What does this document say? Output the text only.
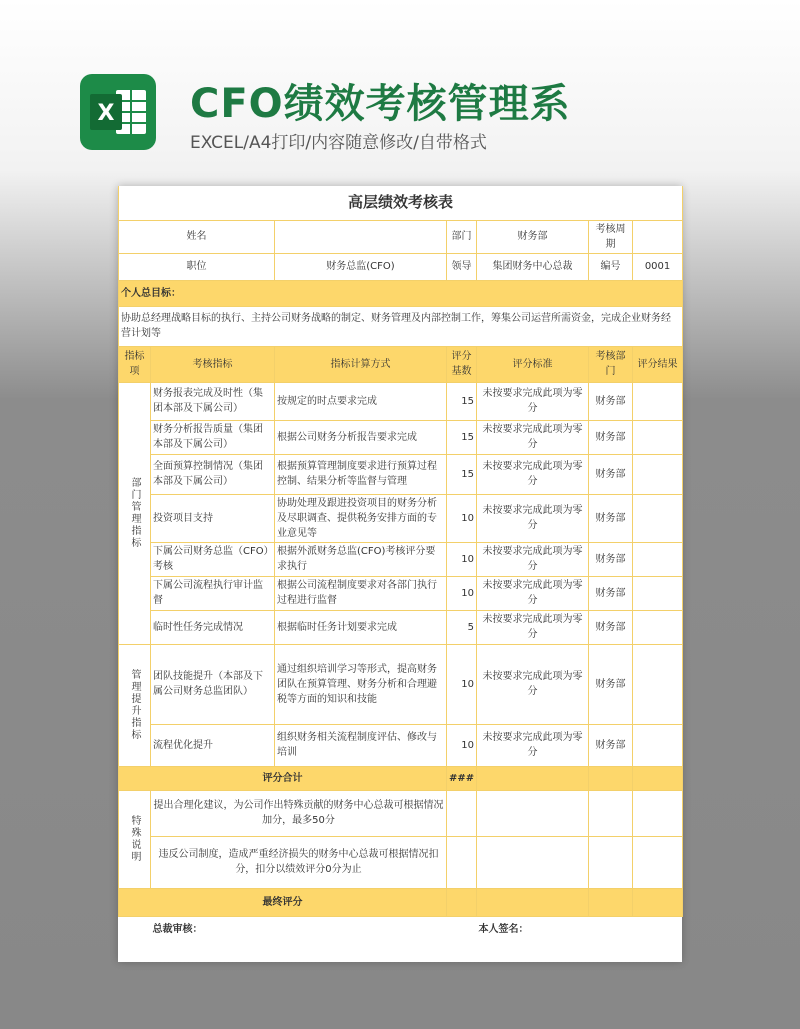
X CFO绩效考核管理系
EXCEL/A4打印/内容随意修改/自带格式
高层绩效考核表						
姓名			部门	财务部	考核周期	
职位		财务总监(CFO)	领导	集团财务中心总裁	编号	0001
个人总目标：						
协助总经理战略目标的执行、主持公司财务战略的制定、财务管理及内部控制工作，筹集公司运营所需资金，完成企业财务经营计划等						
指标项	考核指标	指标计算方式	评分基数	评分标准	考核部门	评分结果
部门管理指标	财务报表完成及时性（集团本部及下属公司）	按规定的时点要求完成	15	未按要求完成此项为零分	财务部	
	财务分析报告质量（集团本部及下属公司）	根据公司财务分析报告要求完成	15	未按要求完成此项为零分	财务部	
	全面预算控制情况（集团本部及下属公司）	根据预算管理制度要求进行预算过程控制、结果分析等监督与管理	15	未按要求完成此项为零分	财务部	
	投资项目支持	协助处理及跟进投资项目的财务分析及尽职调查、提供税务安排方面的专业意见等	10	未按要求完成此项为零分	财务部	
	下属公司财务总监（CFO）考核	根据外派财务总监(CFO)考核评分要求执行	10	未按要求完成此项为零分	财务部	
	下属公司流程执行审计监督	根据公司流程制度要求对各部门执行过程进行监督	10	未按要求完成此项为零分	财务部	
	临时性任务完成情况	根据临时任务计划要求完成	5	未按要求完成此项为零分	财务部	
管理提升指标	团队技能提升（本部及下属公司财务总监团队）	通过组织培训学习等形式，提高财务团队在预算管理、财务分析和合理避税等方面的知识和技能	10	未按要求完成此项为零分	财务部	
	流程优化提升	组织财务相关流程制度评估、修改与培训	10	未按要求完成此项为零分	财务部	
评分合计			###			
特殊说明	提出合理化建议，为公司作出特殊贡献的财务中心总裁可根据情况加分，最多50分					
	违反公司制度，造成严重经济损失的财务中心总裁可根据情况扣分，扣分以绩效评分0分为止					
最终评分						
	总裁审核：			本人签名：		
